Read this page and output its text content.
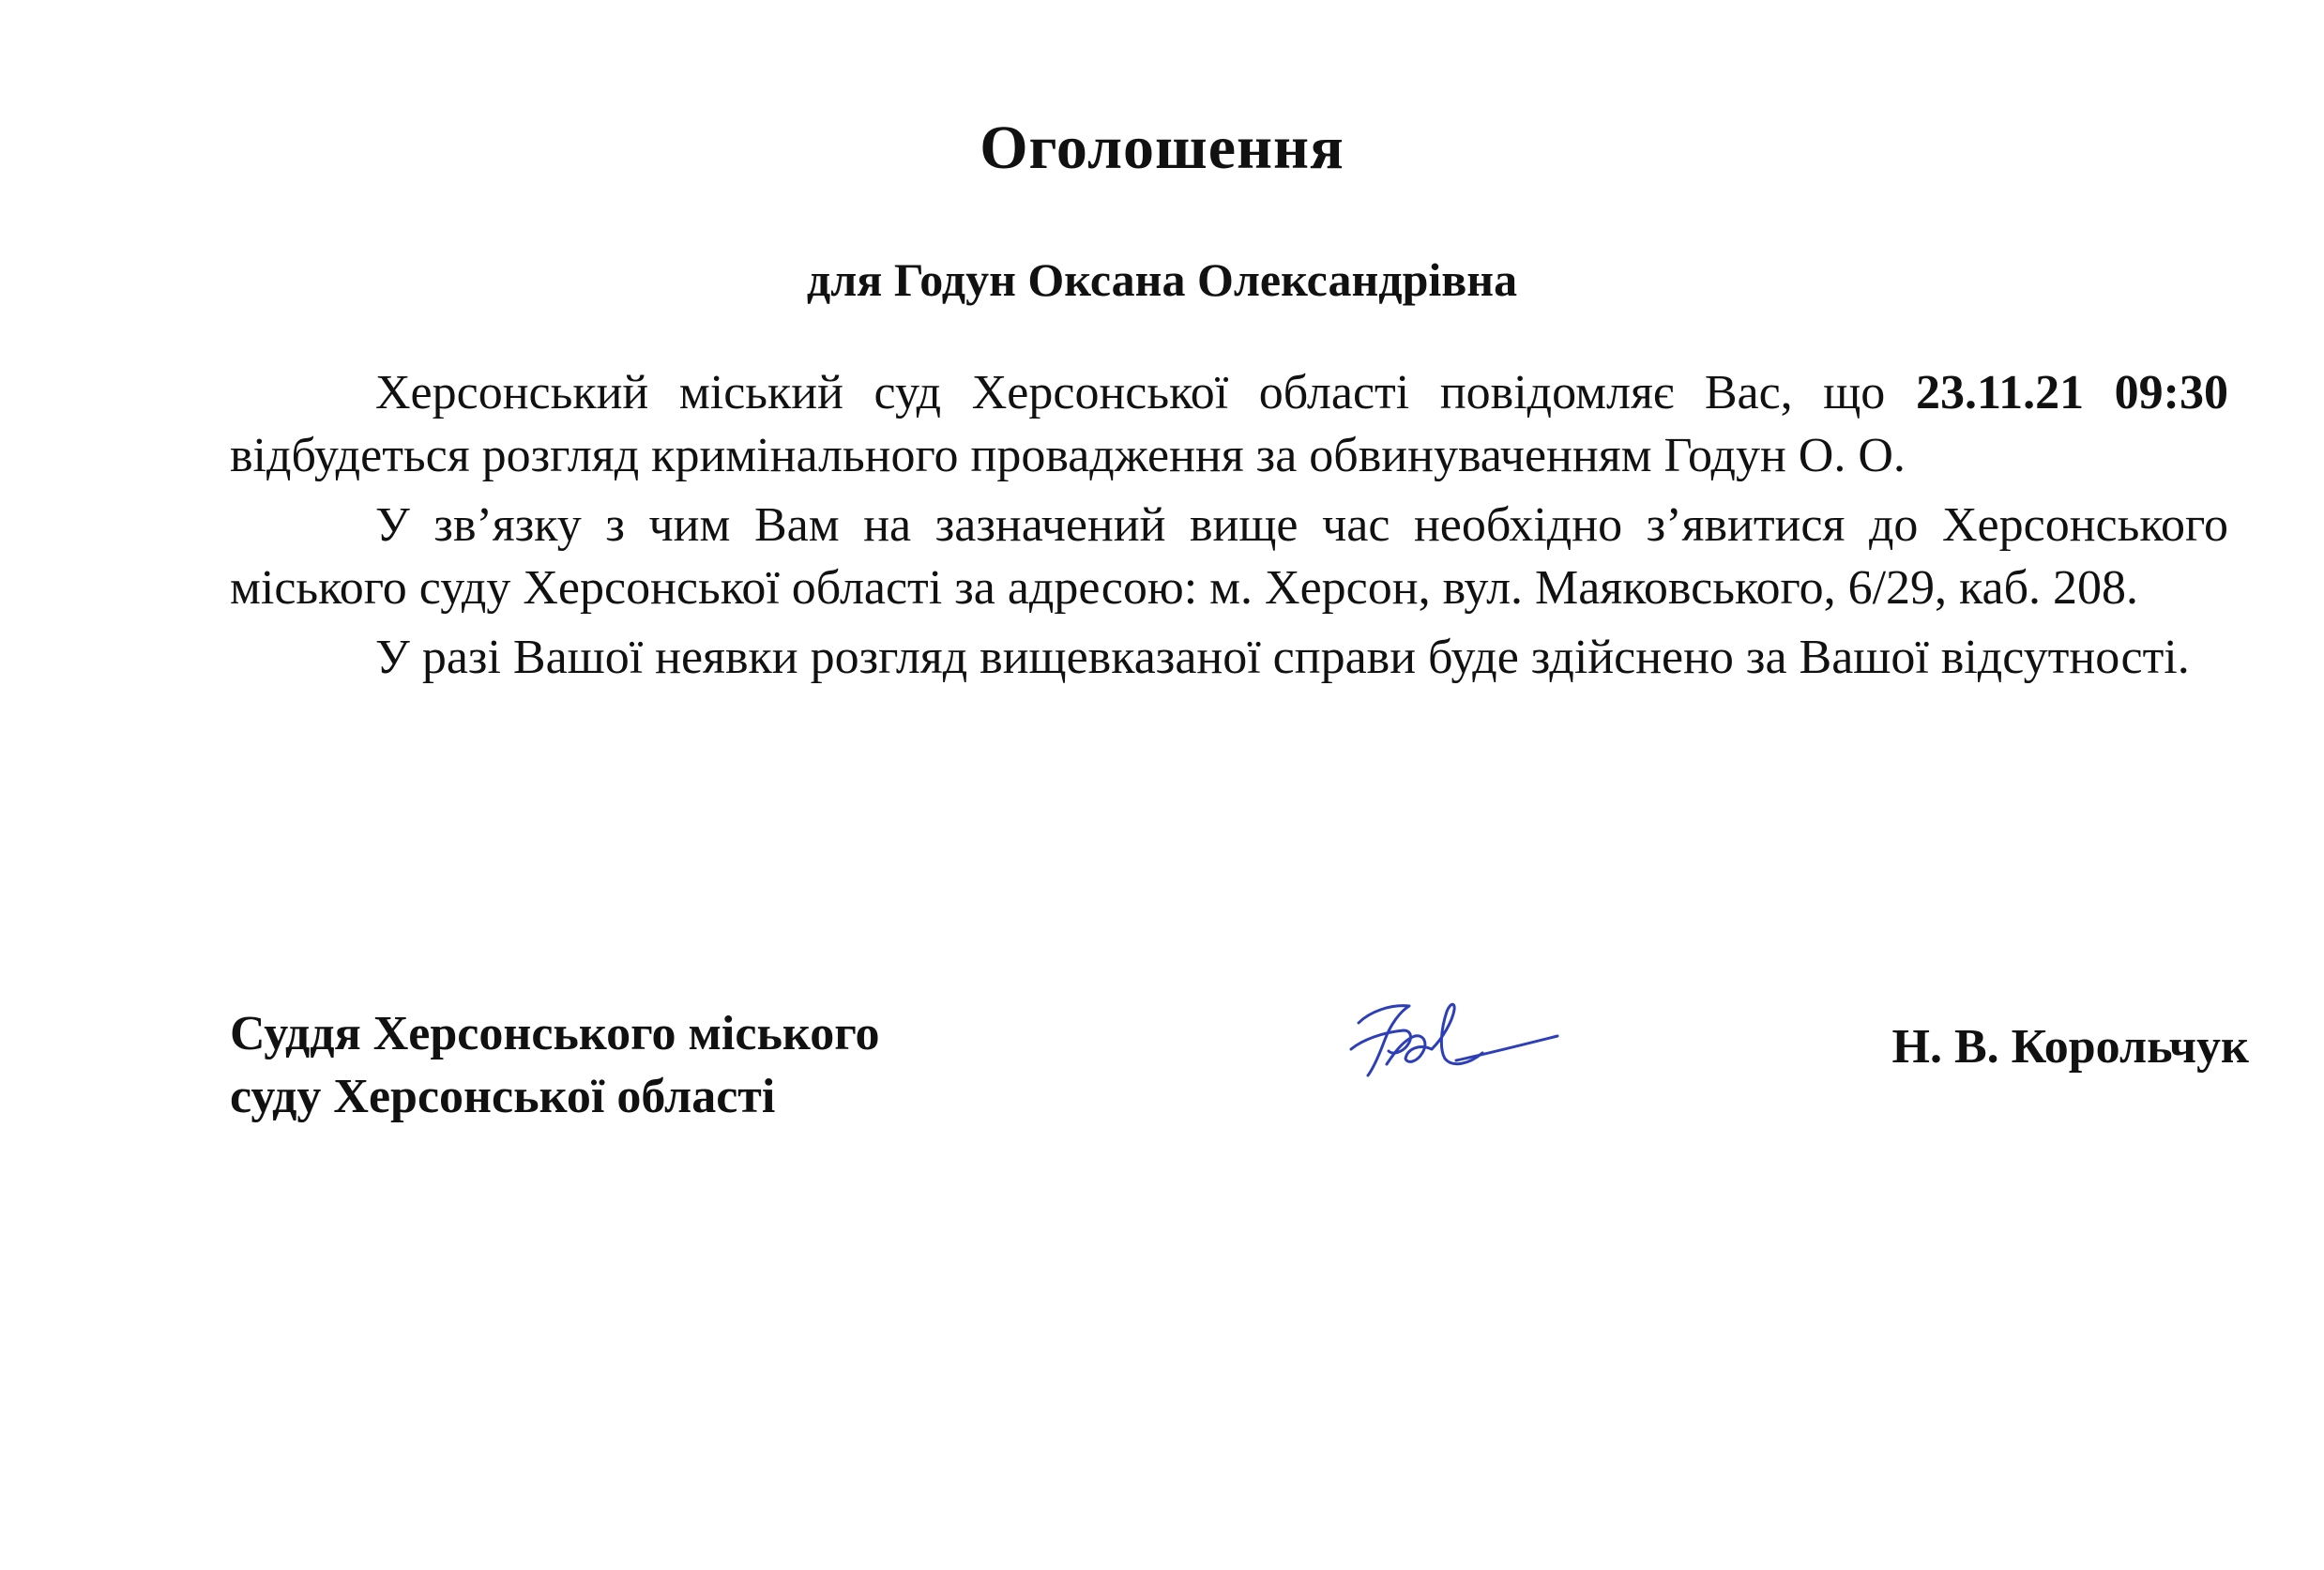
Оголошення
для Годун Оксана Олександрівна

Херсонський міський суд Херсонської області повідомляє Вас, що 23.11.21 09:30 відбудеться розгляд кримінального провадження за обвинуваченням Годун О. О.

У зв’язку з чим Вам на зазначений вище час необхідно з’явитися до Херсонського міського суду Херсонської області за адресою: м. Херсон, вул. Маяковського, 6/29, каб. 208.

У разі Вашої неявки розгляд вищевказаної справи буде здійснено за Вашої відсутності.

Суддя Херсонського міського
суду Херсонської області
Н. В. Корольчук
